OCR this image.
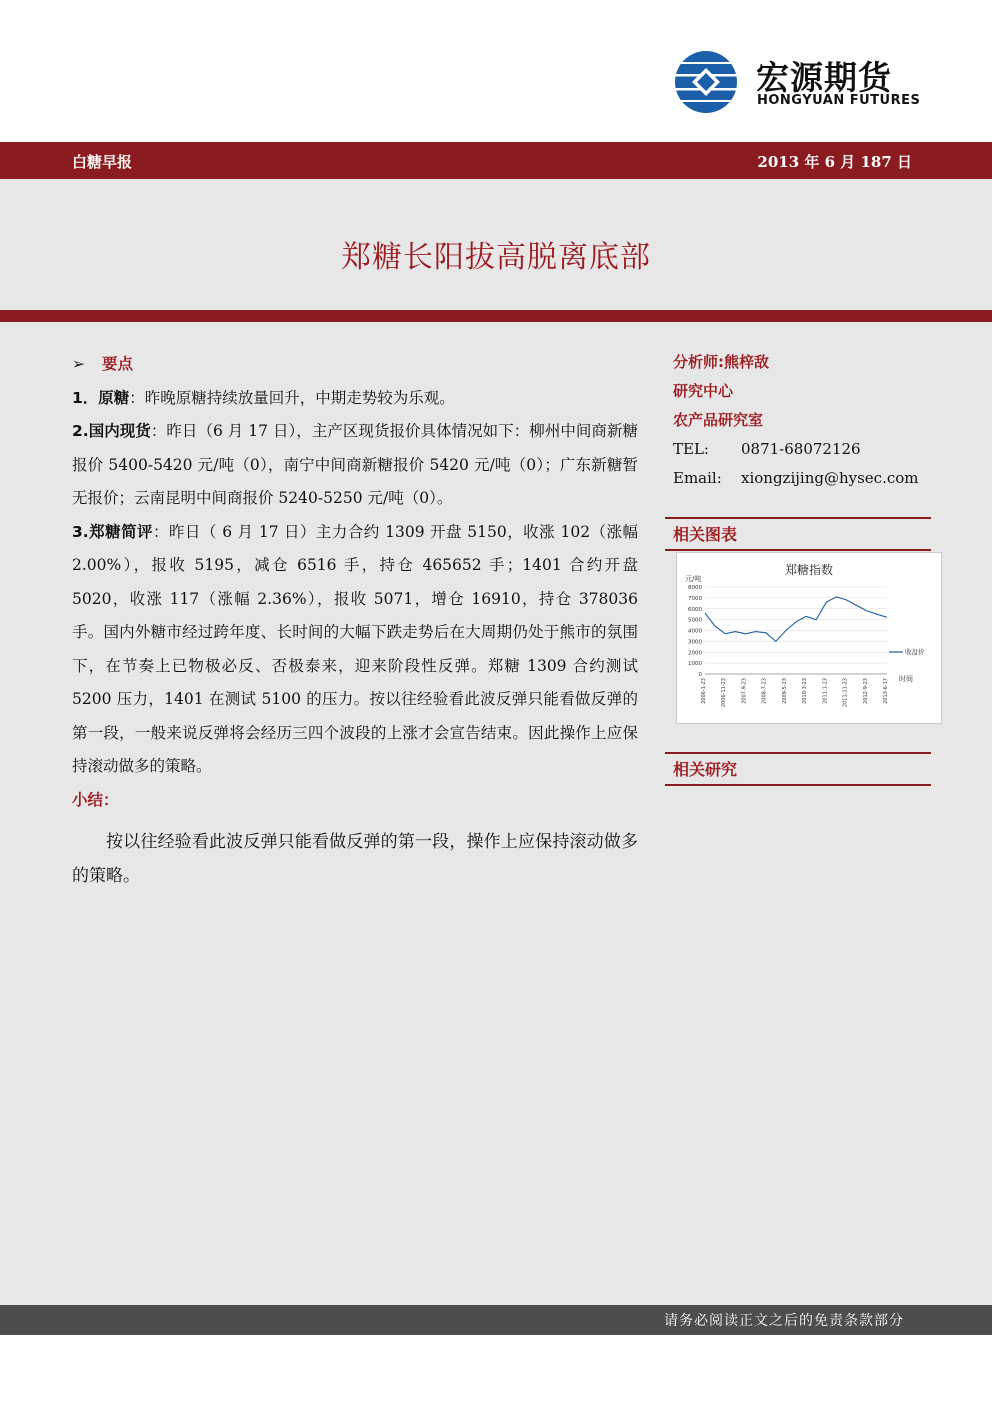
宏源期货
HONGYUAN FUTURES
白糖早报	2013 年 6 月 187 日
郑糖长阳拔高脱离底部
➢ 要点

1．原糖：昨晚原糖持续放量回升，中期走势较为乐观。

2.国内现货：昨日（6 月 17 日），主产区现货报价具体情况如下：柳州中间商新糖报价 5400-5420 元/吨（0），南宁中间商新糖报价 5420 元/吨（0）；广东新糖暂无报价；云南昆明中间商报价 5240-5250 元/吨（0）。

3.郑糖简评：昨日（ 6 月 17 日）主力合约 1309 开盘 5150，收涨 102（涨幅 2.00%），报收 5195，减仓 6516 手，持仓 465652 手；1401 合约开盘 5020，收涨 117（涨幅 2.36%），报收 5071，增仓 16910，持仓 378036 手。国内外糖市经过跨年度、长时间的大幅下跌走势后在大周期仍处于熊市的氛围下，在节奏上已物极必反、否极泰来，迎来阶段性反弹。郑糖 1309 合约测试 5200 压力，1401 在测试 5100 的压力。按以往经验看此波反弹只能看做反弹的第一段，一般来说反弹将会经历三四个波段的上涨才会宣告结束。因此操作上应保持滚动做多的策略。

小结：

按以往经验看此波反弹只能看做反弹的第一段，操作上应保持滚动做多的策略。

分析师:熊梓敌
研究中心
农产品研究室
TEL:	0871-68072126
Email:	xiongzijing@hysec.com
相关图表
郑糖指数
元/吨
时间
收盘价
0
1000
2000
3000
4000
5000
6000
7000
8000
2006-1-23	2006-11-23	2007-9-23	2008-7-23	2009-5-23	2010-3-23	2011-1-23	2011-11-23	2012-9-23	2013-6-17
相关研究
请务必阅读正文之后的免责条款部分
